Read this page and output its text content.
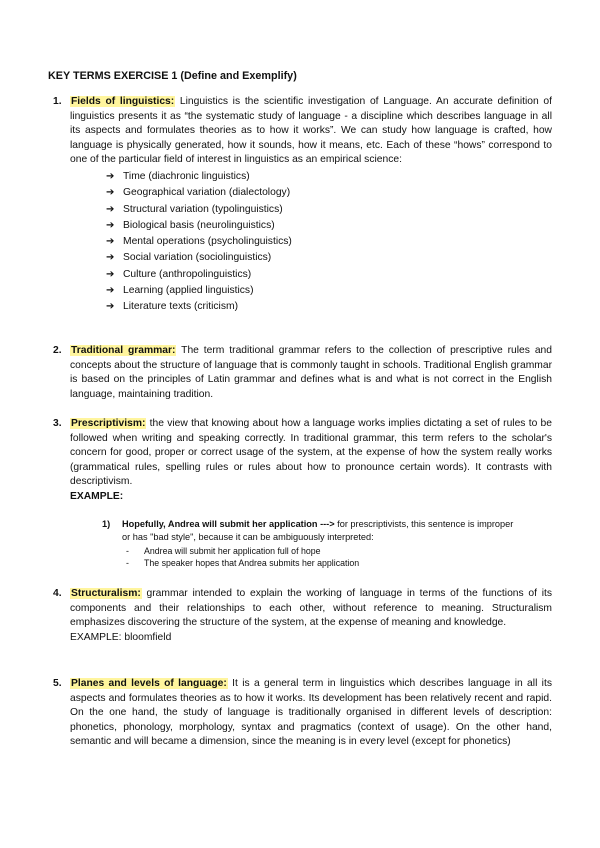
KEY TERMS EXERCISE 1 (Define and Exemplify)
1. Fields of linguistics: Linguistics is the scientific investigation of Language. An accurate definition of linguistics presents it as “the systematic study of language - a discipline which describes language in all its aspects and formulates theories as to how it works”. We can study how language is crafted, how language is physically generated, how it sounds, how it means, etc. Each of these “hows” correspond to one of the particular field of interest in linguistics as an empirical science:
➔ Time (diachronic linguistics)
➔ Geographical variation (dialectology)
➔ Structural variation (typolinguistics)
➔ Biological basis (neurolinguistics)
➔ Mental operations (psycholinguistics)
➔ Social variation (sociolinguistics)
➔ Culture (anthropolinguistics)
➔ Learning (applied linguistics)
➔ Literature texts (criticism)
2. Traditional grammar: The term traditional grammar refers to the collection of prescriptive rules and concepts about the structure of language that is commonly taught in schools. Traditional English grammar is based on the principles of Latin grammar and defines what is and what is not correct in the English language, maintaining tradition.
3. Prescriptivism: the view that knowing about how a language works implies dictating a set of rules to be followed when writing and speaking correctly. In traditional grammar, this term refers to the scholar's concern for good, proper or correct usage of the system, at the expense of how the system really works (grammatical rules, spelling rules or rules about how to pronounce certain words). It contrasts with descriptivism.
EXAMPLE:
1) Hopefully, Andrea will submit her application ---> for prescriptivists, this sentence is improper
or has "bad style", because it can be ambiguously interpreted:
- Andrea will submit her application full of hope
- The speaker hopes that Andrea submits her application
4. Structuralism: grammar intended to explain the working of language in terms of the functions of its components and their relationships to each other, without reference to meaning. Structuralism emphasizes discovering the structure of the system, at the expense of meaning and knowledge.
EXAMPLE: bloomfield
5. Planes and levels of language: It is a general term in linguistics which describes language in all its aspects and formulates theories as to how it works. Its development has been relatively recent and rapid. On the one hand, the study of language is traditionally organised in different levels of description: phonetics, phonology, morphology, syntax and pragmatics (context of usage). On the other hand, semantic and will became a dimension, since the meaning is in every level (except for phonetics)
